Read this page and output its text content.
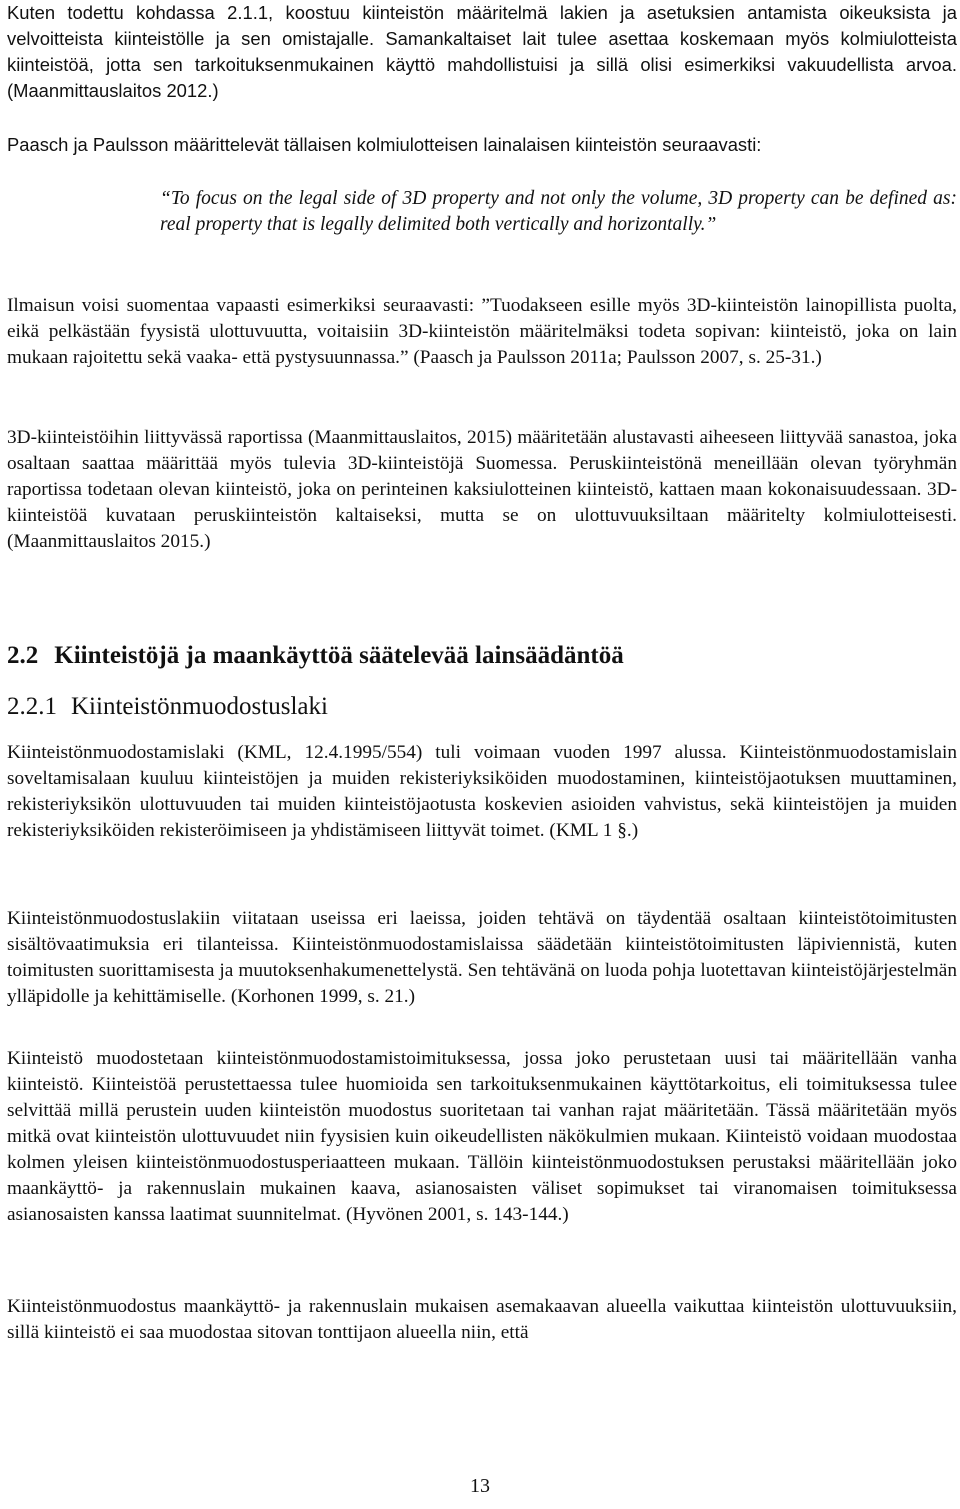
Kuten todettu kohdassa 2.1.1, koostuu kiinteistön määritelmä lakien ja asetuksien antamista oikeuksista ja velvoitteista kiinteistölle ja sen omistajalle. Samankaltaiset lait tulee asettaa koskemaan myös kolmiulotteista kiinteistöä, jotta sen tarkoituksenmukainen käyttö mahdollistuisi ja sillä olisi esimerkiksi vakuudellista arvoa. (Maanmittauslaitos 2012.)

Paasch ja Paulsson määrittelevät tällaisen kolmiulotteisen lainalaisen kiinteistön seuraavasti:

“To focus on the legal side of 3D property and not only the volume, 3D property can be defined as: real property that is legally delimited both vertically and horizontally.”

Ilmaisun voisi suomentaa vapaasti esimerkiksi seuraavasti: ”Tuodakseen esille myös 3D-kiinteistön lainopillista puolta, eikä pelkästään fyysistä ulottuvuutta, voitaisiin 3D-kiinteistön määritelmäksi todeta sopivan: kiinteistö, joka on lain mukaan rajoitettu sekä vaaka- että pystysuunnassa.” (Paasch ja Paulsson 2011a; Paulsson 2007, s. 25-31.)

3D-kiinteistöihin liittyvässä raportissa (Maanmittauslaitos, 2015) määritetään alustavasti aiheeseen liittyvää sanastoa, joka osaltaan saattaa määrittää myös tulevia 3D-kiinteistöjä Suomessa. Peruskiinteistönä meneillään olevan työryhmän raportissa todetaan olevan kiinteistö, joka on perinteinen kaksiulotteinen kiinteistö, kattaen maan kokonaisuudessaan. 3D-kiinteistöä kuvataan peruskiinteistön kaltaiseksi, mutta se on ulottuvuuksiltaan määritelty kolmiulotteisesti. (Maanmittauslaitos 2015.)

2.2 Kiinteistöjä ja maankäyttöä säätelevää lainsäädäntöä
2.2.1 Kiinteistönmuodostuslaki

Kiinteistönmuodostamislaki (KML, 12.4.1995/554) tuli voimaan vuoden 1997 alussa. Kiinteistönmuodostamislain soveltamisalaan kuuluu kiinteistöjen ja muiden rekisteriyksiköiden muodostaminen, kiinteistöjaotuksen muuttaminen, rekisteriyksikön ulottuvuuden tai muiden kiinteistöjaotusta koskevien asioiden vahvistus, sekä kiinteistöjen ja muiden rekisteriyksiköiden rekisteröimiseen ja yhdistämiseen liittyvät toimet. (KML 1 §.)

Kiinteistönmuodostuslakiin viitataan useissa eri laeissa, joiden tehtävä on täydentää osaltaan kiinteistötoimitusten sisältövaatimuksia eri tilanteissa. Kiinteistönmuodostamislaissa säädetään kiinteistötoimitusten läpiviennistä, kuten toimitusten suorittamisesta ja muutoksenhakumenettelystä. Sen tehtävänä on luoda pohja luotettavan kiinteistöjärjestelmän ylläpidolle ja kehittämiselle. (Korhonen 1999, s. 21.)

Kiinteistö muodostetaan kiinteistönmuodostamistoimituksessa, jossa joko perustetaan uusi tai määritellään vanha kiinteistö. Kiinteistöä perustettaessa tulee huomioida sen tarkoituksenmukainen käyttötarkoitus, eli toimituksessa tulee selvittää millä perustein uuden kiinteistön muodostus suoritetaan tai vanhan rajat määritetään. Tässä määritetään myös mitkä ovat kiinteistön ulottuvuudet niin fyysisien kuin oikeudellisten näkökulmien mukaan. Kiinteistö voidaan muodostaa kolmen yleisen kiinteistönmuodostusperiaatteen mukaan. Tällöin kiinteistönmuodostuksen perustaksi määritellään joko maankäyttö- ja rakennuslain mukainen kaava, asianosaisten väliset sopimukset tai viranomaisen toimituksessa asianosaisten kanssa laatimat suunnitelmat. (Hyvönen 2001, s. 143-144.)

Kiinteistönmuodostus maankäyttö- ja rakennuslain mukaisen asemakaavan alueella vaikuttaa kiinteistön ulottuvuuksiin, sillä kiinteistö ei saa muodostaa sitovan tonttijaon alueella niin, että

13
